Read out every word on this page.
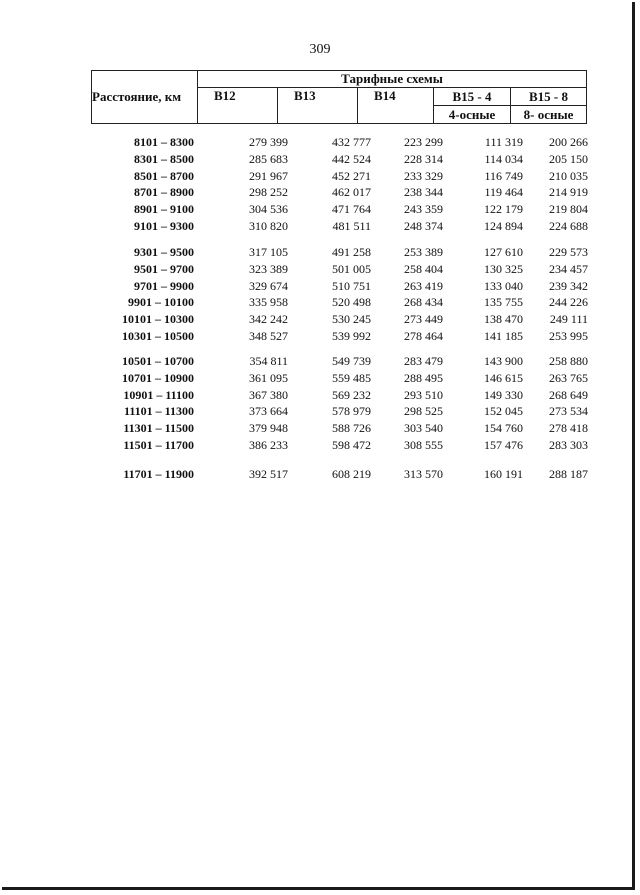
309
Расстояние, км	Тарифные схемы				
	В12	В13	В14	В15 - 4	В15 - 8
				4-осные	8- осные
8101 – 8300	279 399	432 777	223 299	111 319	200 266
8301 – 8500	285 683	442 524	228 314	114 034	205 150
8501 – 8700	291 967	452 271	233 329	116 749	210 035
8701 – 8900	298 252	462 017	238 344	119 464	214 919
8901 – 9100	304 536	471 764	243 359	122 179	219 804
9101 – 9300	310 820	481 511	248 374	124 894	224 688
9301 – 9500	317 105	491 258	253 389	127 610	229 573
9501 – 9700	323 389	501 005	258 404	130 325	234 457
9701 – 9900	329 674	510 751	263 419	133 040	239 342
9901 – 10100	335 958	520 498	268 434	135 755	244 226
10101 – 10300	342 242	530 245	273 449	138 470	249 111
10301 – 10500	348 527	539 992	278 464	141 185	253 995
10501 – 10700	354 811	549 739	283 479	143 900	258 880
10701 – 10900	361 095	559 485	288 495	146 615	263 765
10901 – 11100	367 380	569 232	293 510	149 330	268 649
11101 – 11300	373 664	578 979	298 525	152 045	273 534
11301 – 11500	379 948	588 726	303 540	154 760	278 418
11501 – 11700	386 233	598 472	308 555	157 476	283 303
11701 – 11900	392 517	608 219	313 570	160 191	288 187
